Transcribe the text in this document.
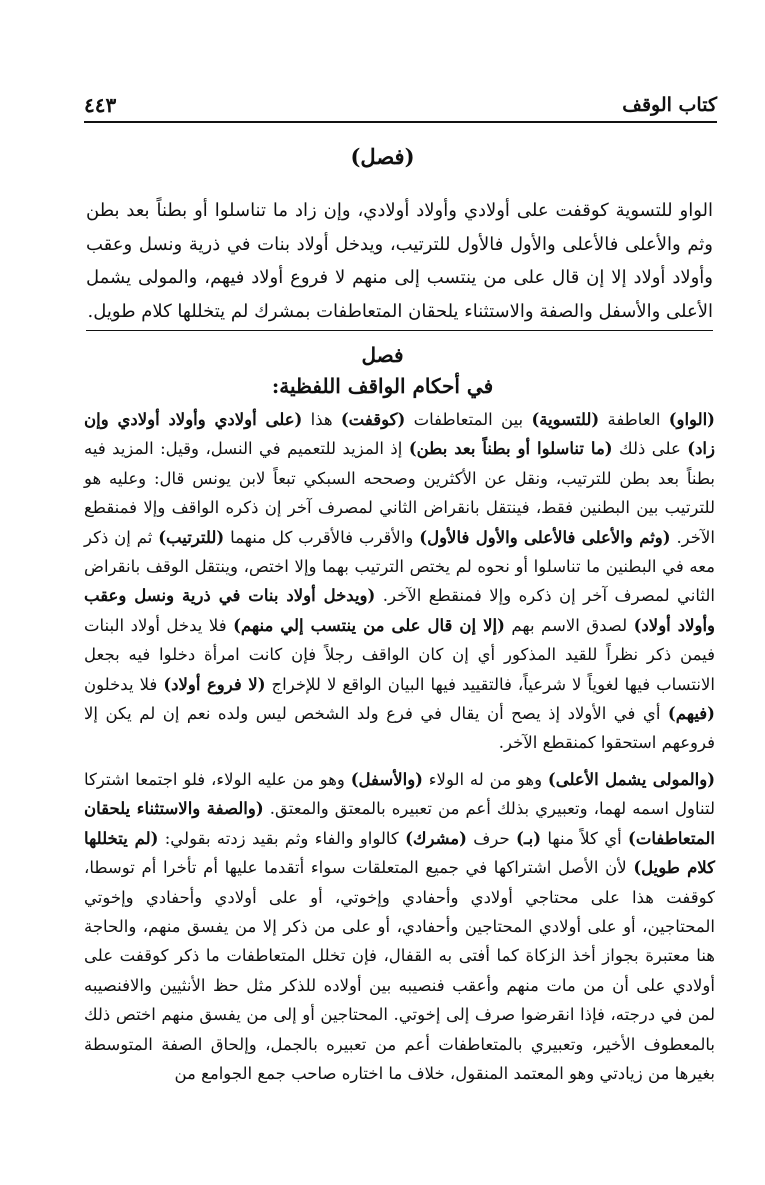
كتاب الوقف
٤٤٣
(فصل)
الواو للتسوية كوقفت على أولادي وأولاد أولادي، وإن زاد ما تناسلوا أو بطناً بعد بطن وثم والأعلى فالأعلى والأول فالأول للترتيب، ويدخل أولاد بنات في ذرية ونسل وعقب وأولاد أولاد إلا إن قال على من ينتسب إلى منهم لا فروع أولاد فيهم، والمولى يشمل الأعلى والأسفل والصفة والاستثناء يلحقان المتعاطفات بمشرك لم يتخللها كلام طويل.
فصل
في أحكام الواقف اللفظية:
(الواو) العاطفة (للتسوية) بين المتعاطفات (كوقفت) هذا (على أولادي وأولاد أولادي وإن زاد) على ذلك (ما تناسلوا أو بطناً بعد بطن) إذ المزيد للتعميم في النسل، وقيل: المزيد فيه بطناً بعد بطن للترتيب، ونقل عن الأكثرين وصححه السبكي تبعاً لابن يونس قال: وعليه هو للترتيب بين البطنين فقط، فينتقل بانقراض الثاني لمصرف آخر إن ذكره الواقف وإلا فمنقطع الآخر. (وثم والأعلى فالأعلى والأول فالأول) والأقرب فالأقرب كل منهما (للترتيب) ثم إن ذكر معه في البطنين ما تناسلوا أو نحوه لم يختص الترتيب بهما وإلا اختص، وينتقل الوقف بانقراض الثاني لمصرف آخر إن ذكره وإلا فمنقطع الآخر. (ويدخل أولاد بنات في ذرية ونسل وعقب وأولاد أولاد) لصدق الاسم بهم (إلا إن قال على من ينتسب إلي منهم) فلا يدخل أولاد البنات فيمن ذكر نظراً للقيد المذكور أي إن كان الواقف رجلاً فإن كانت امرأة دخلوا فيه بجعل الانتساب فيها لغوياً لا شرعياً، فالتقييد فيها البيان الواقع لا للإخراج (لا فروع أولاد) فلا يدخلون (فيهم) أي في الأولاد إذ يصح أن يقال في فرع ولد الشخص ليس ولده نعم إن لم يكن إلا فروعهم استحقوا كمنقطع الآخر.
(والمولى يشمل الأعلى) وهو من له الولاء (والأسفل) وهو من عليه الولاء، فلو اجتمعا اشتركا لتناول اسمه لهما، وتعبيري بذلك أعم من تعبيره بالمعتق والمعتق. (والصفة والاستثناء يلحقان المتعاطفات) أي كلاً منها (بـ) حرف (مشرك) كالواو والفاء وثم بقيد زدته بقولي: (لم يتخللها كلام طويل) لأن الأصل اشتراكها في جميع المتعلقات سواء أتقدما عليها أم تأخرا أم توسطا، كوقفت هذا على محتاجي أولادي وأحفادي وإخوتي، أو على أولادي وأحفادي وإخوتي المحتاجين، أو على أولادي المحتاجين وأحفادي، أو على من ذكر إلا من يفسق منهم، والحاجة هنا معتبرة بجواز أخذ الزكاة كما أفتى به القفال، فإن تخلل المتعاطفات ما ذكر كوقفت على أولادي على أن من مات منهم وأعقب فنصيبه بين أولاده للذكر مثل حظ الأنثيين والافنصيبه لمن في درجته، فإذا انقرضوا صرف إلى إخوتي. المحتاجين أو إلى من يفسق منهم اختص ذلك بالمعطوف الأخير، وتعبيري بالمتعاطفات أعم من تعبيره بالجمل، وإلحاق الصفة المتوسطة بغيرها من زيادتي وهو المعتمد المنقول، خلاف ما اختاره صاحب جمع الجوامع من
